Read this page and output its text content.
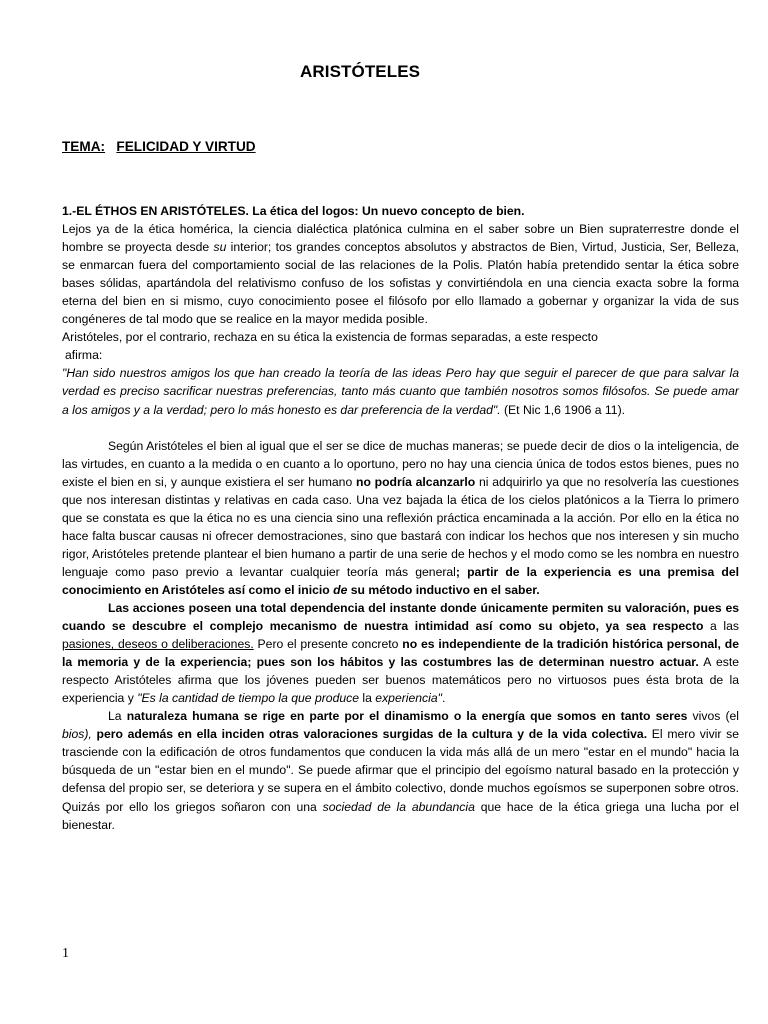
ARISTÓTELES
TEMA: FELICIDAD Y VIRTUD

1.-EL ÉTHOS EN ARISTÓTELES. La ética del logos: Un nuevo concepto de bien.

Lejos ya de la ética homérica, la ciencia dialéctica platónica culmina en el saber sobre un Bien supraterrestre donde el hombre se proyecta desde su interior; tos grandes conceptos absolutos y abstractos de Bien, Virtud, Justicia, Ser, Belleza, se enmarcan fuera del comportamiento social de las relaciones de la Polis. Platón había pretendido sentar la ética sobre bases sólidas, apartándola del relativismo confuso de los sofistas y convirtiéndola en una ciencia exacta sobre la forma eterna del bien en si mismo, cuyo conocimiento posee el filósofo por ello llamado a gobernar y organizar la vida de sus congéneres de tal modo que se realice en la mayor medida posible.

Aristóteles, por el contrario, rechaza en su ética la existencia de formas separadas, a este respecto

afirma:

"Han sido nuestros amigos los que han creado la teoría de las ideas Pero hay que seguir el parecer de que para salvar la verdad es preciso sacrificar nuestras preferencias, tanto más cuanto que también nosotros somos filósofos. Se puede amar a los amigos y a la verdad; pero lo más honesto es dar preferencia de la verdad". (Et Nic 1,6 1906 a 11).

Según Aristóteles el bien al igual que el ser se dice de muchas maneras; se puede decir de dios o la inteligencia, de las virtudes, en cuanto a la medida o en cuanto a lo oportuno, pero no hay una ciencia única de todos estos bienes, pues no existe el bien en si, y aunque existiera el ser humano no podría alcanzarlo ni adquirirlo ya que no resolvería las cuestiones que nos interesan distintas y relativas en cada caso. Una vez bajada la ética de los cielos platónicos a la Tierra lo primero que se constata es que la ética no es una ciencia sino una reflexión práctica encaminada a la acción. Por ello en la ética no hace falta buscar causas ni ofrecer demostraciones, sino que bastará con indicar los hechos que nos interesen y sin mucho rigor, Aristóteles pretende plantear el bien humano a partir de una serie de hechos y el modo como se les nombra en nuestro lenguaje como paso previo a levantar cualquier teoría más general; partir de la experiencia es una premisa del conocimiento en Aristóteles así como el inicio de su método inductivo en el saber.

Las acciones poseen una total dependencia del instante donde únicamente permiten su valoración, pues es cuando se descubre el complejo mecanismo de nuestra intimidad así como su objeto, ya sea respecto a las pasiones, deseos o deliberaciones. Pero el presente concreto no es independiente de la tradición histórica personal, de la memoria y de la experiencia; pues son los hábitos y las costumbres las de determinan nuestro actuar. A este respecto Aristóteles afirma que los jóvenes pueden ser buenos matemáticos pero no virtuosos pues ésta brota de la experiencia y "Es la cantidad de tiempo la que produce la experiencia".

La naturaleza humana se rige en parte por el dinamismo o la energía que somos en tanto seres vivos (el bios), pero además en ella inciden otras valoraciones surgidas de la cultura y de la vida colectiva. El mero vivir se trasciende con la edificación de otros fundamentos que conducen la vida más allá de un mero "estar en el mundo" hacia la búsqueda de un "estar bien en el mundo". Se puede afirmar que el principio del egoísmo natural basado en la protección y defensa del propio ser, se deteriora y se supera en el ámbito colectivo, donde muchos egoísmos se superponen sobre otros. Quizás por ello los griegos soñaron con una sociedad de la abundancia que hace de la ética griega una lucha por el bienestar.

1
